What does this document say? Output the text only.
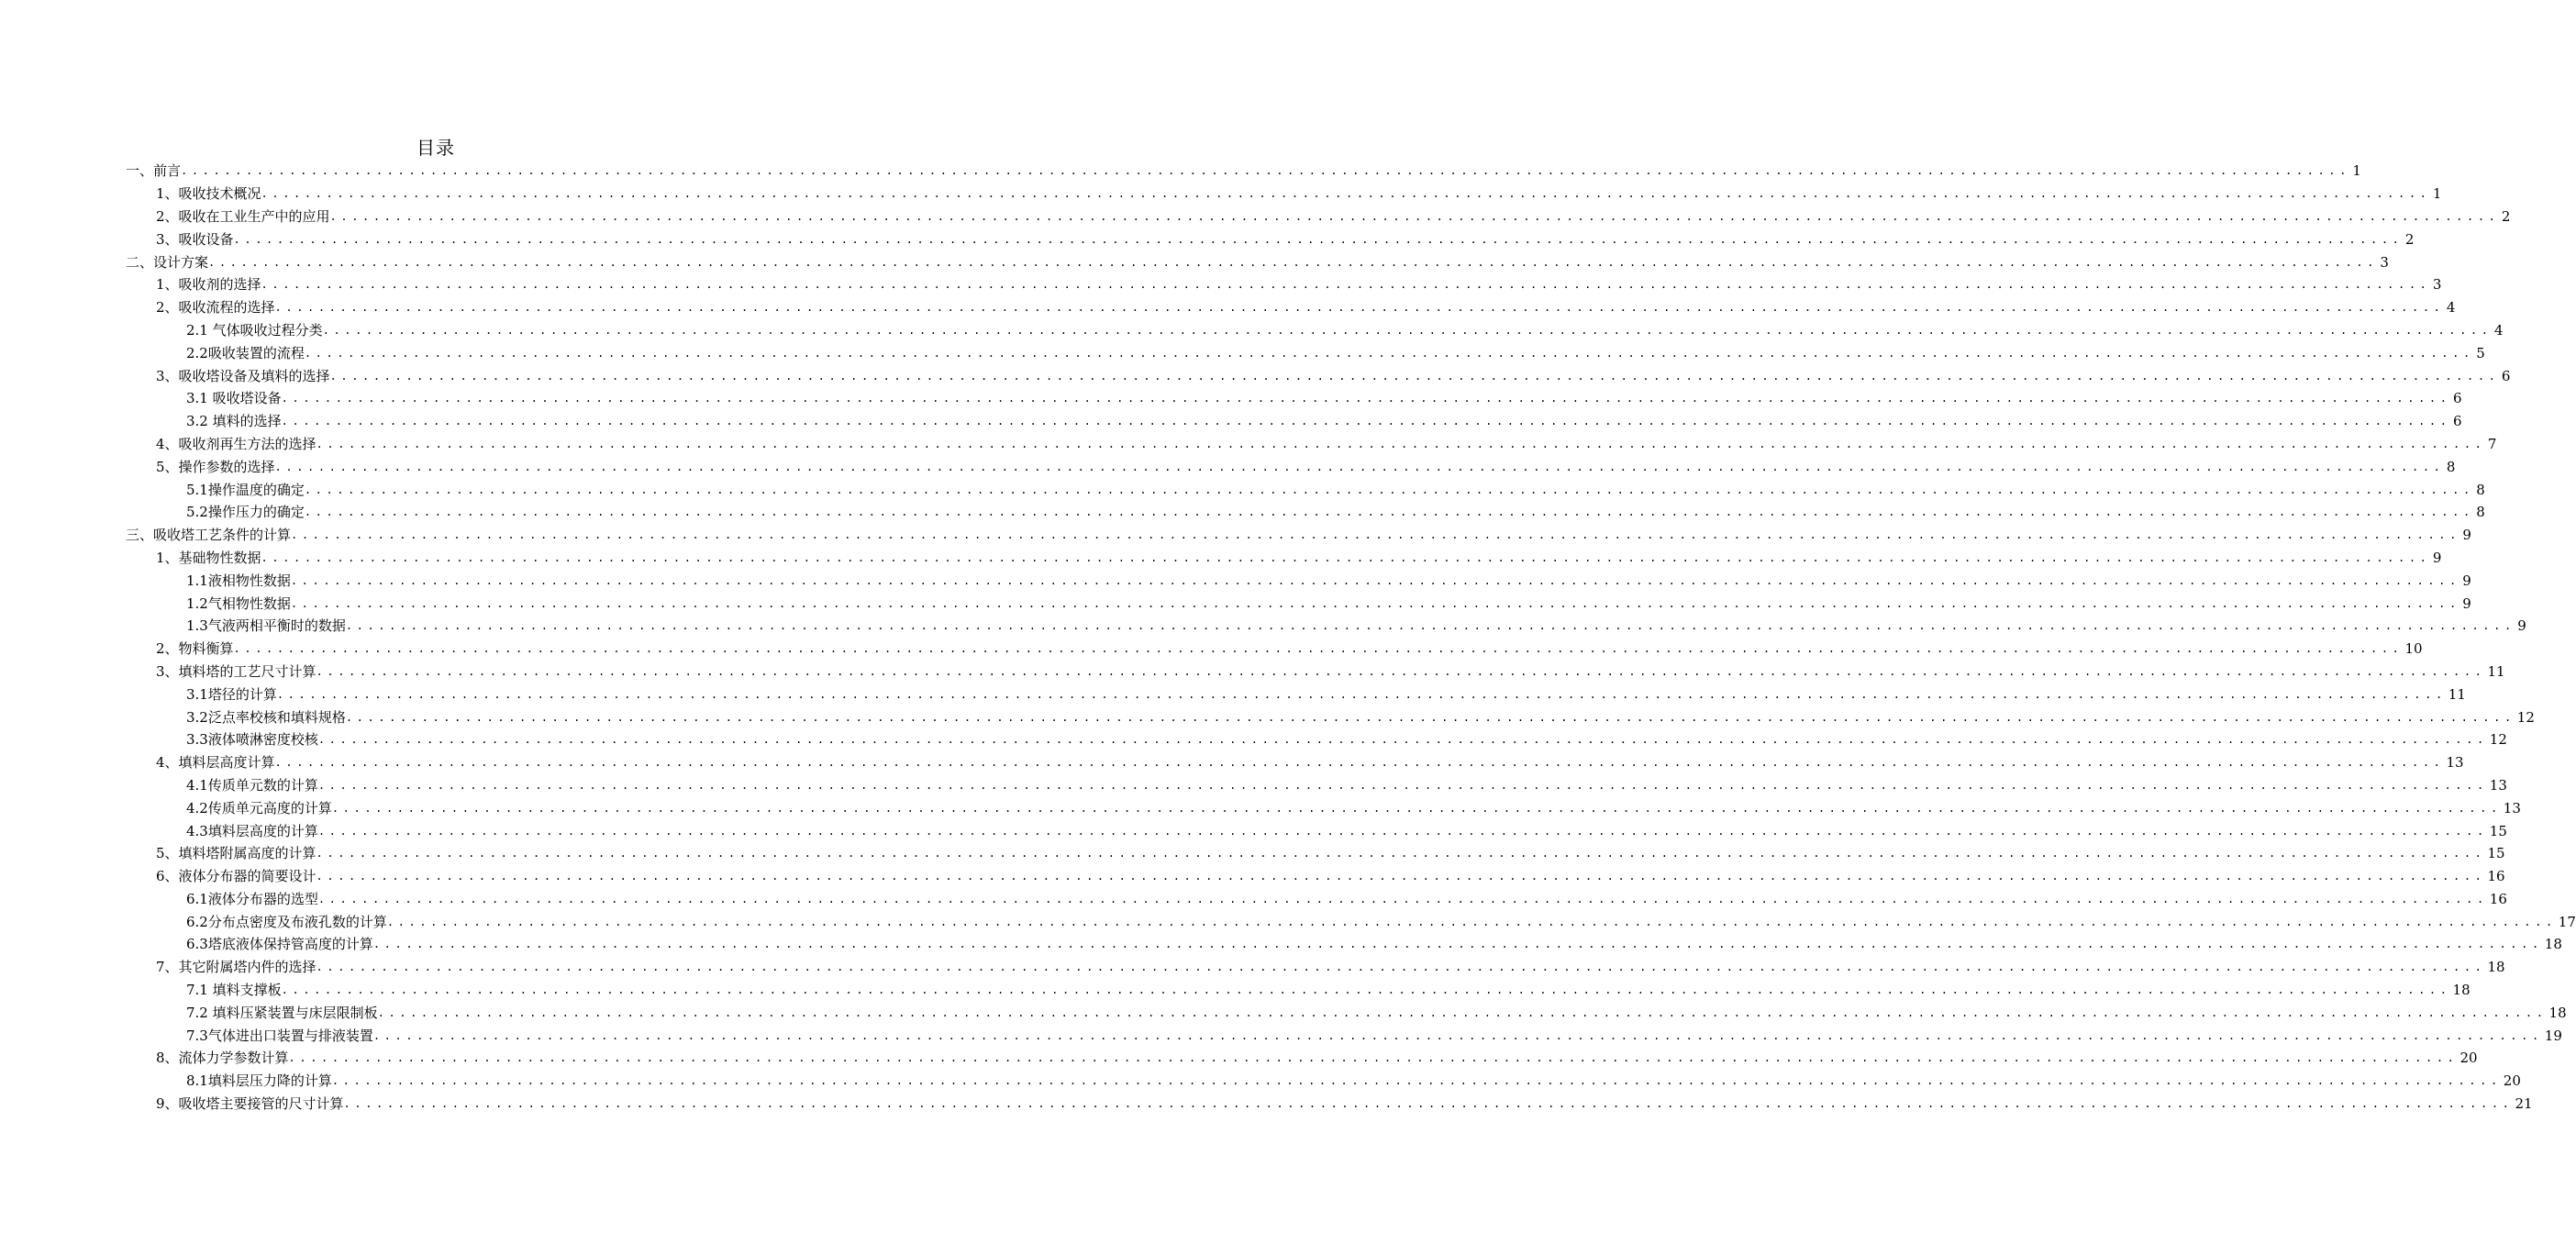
目录
一、前言 ........................................................................................................................................................................................................ 1
1、吸收技术概况 ........................................................................................................................................................................................................ 1
2、吸收在工业生产中的应用 ........................................................................................................................................................................................................ 2
3、吸收设备 ........................................................................................................................................................................................................ 2
二、设计方案 ........................................................................................................................................................................................................ 3
1、吸收剂的选择 ........................................................................................................................................................................................................ 3
2、吸收流程的选择 ........................................................................................................................................................................................................ 4
2.1 气体吸收过程分类 ........................................................................................................................................................................................................ 4
2.2吸收装置的流程 ........................................................................................................................................................................................................ 5
3、吸收塔设备及填料的选择 ........................................................................................................................................................................................................ 6
3.1 吸收塔设备 ........................................................................................................................................................................................................ 6
3.2 填料的选择 ........................................................................................................................................................................................................ 6
4、吸收剂再生方法的选择 ........................................................................................................................................................................................................ 7
5、操作参数的选择 ........................................................................................................................................................................................................ 8
5.1操作温度的确定 ........................................................................................................................................................................................................ 8
5.2操作压力的确定 ........................................................................................................................................................................................................ 8
三、吸收塔工艺条件的计算 ........................................................................................................................................................................................................ 9
1、基础物性数据 ........................................................................................................................................................................................................ 9
1.1液相物性数据 ........................................................................................................................................................................................................ 9
1.2气相物性数据 ........................................................................................................................................................................................................ 9
1.3气液两相平衡时的数据 ........................................................................................................................................................................................................ 9
2、物料衡算 ........................................................................................................................................................................................................ 10
3、填料塔的工艺尺寸计算 ........................................................................................................................................................................................................ 11
3.1塔径的计算 ........................................................................................................................................................................................................ 11
3.2泛点率校核和填料规格 ........................................................................................................................................................................................................ 12
3.3液体喷淋密度校核 ........................................................................................................................................................................................................ 12
4、填料层高度计算 ........................................................................................................................................................................................................ 13
4.1传质单元数的计算 ........................................................................................................................................................................................................ 13
4.2传质单元高度的计算 ........................................................................................................................................................................................................ 13
4.3填料层高度的计算 ........................................................................................................................................................................................................ 15
5、填料塔附属高度的计算 ........................................................................................................................................................................................................ 15
6、液体分布器的简要设计 ........................................................................................................................................................................................................ 16
6.1液体分布器的选型 ........................................................................................................................................................................................................ 16
6.2分布点密度及布液孔数的计算 ........................................................................................................................................................................................................ 17
6.3塔底液体保持管高度的计算 ........................................................................................................................................................................................................ 18
7、其它附属塔内件的选择 ........................................................................................................................................................................................................ 18
7.1 填料支撑板 ........................................................................................................................................................................................................ 18
7.2 填料压紧装置与床层限制板 ........................................................................................................................................................................................................ 18
7.3气体进出口装置与排液装置 ........................................................................................................................................................................................................ 19
8、流体力学参数计算 ........................................................................................................................................................................................................ 20
8.1填料层压力降的计算 ........................................................................................................................................................................................................ 20
9、吸收塔主要接管的尺寸计算 ........................................................................................................................................................................................................ 21
